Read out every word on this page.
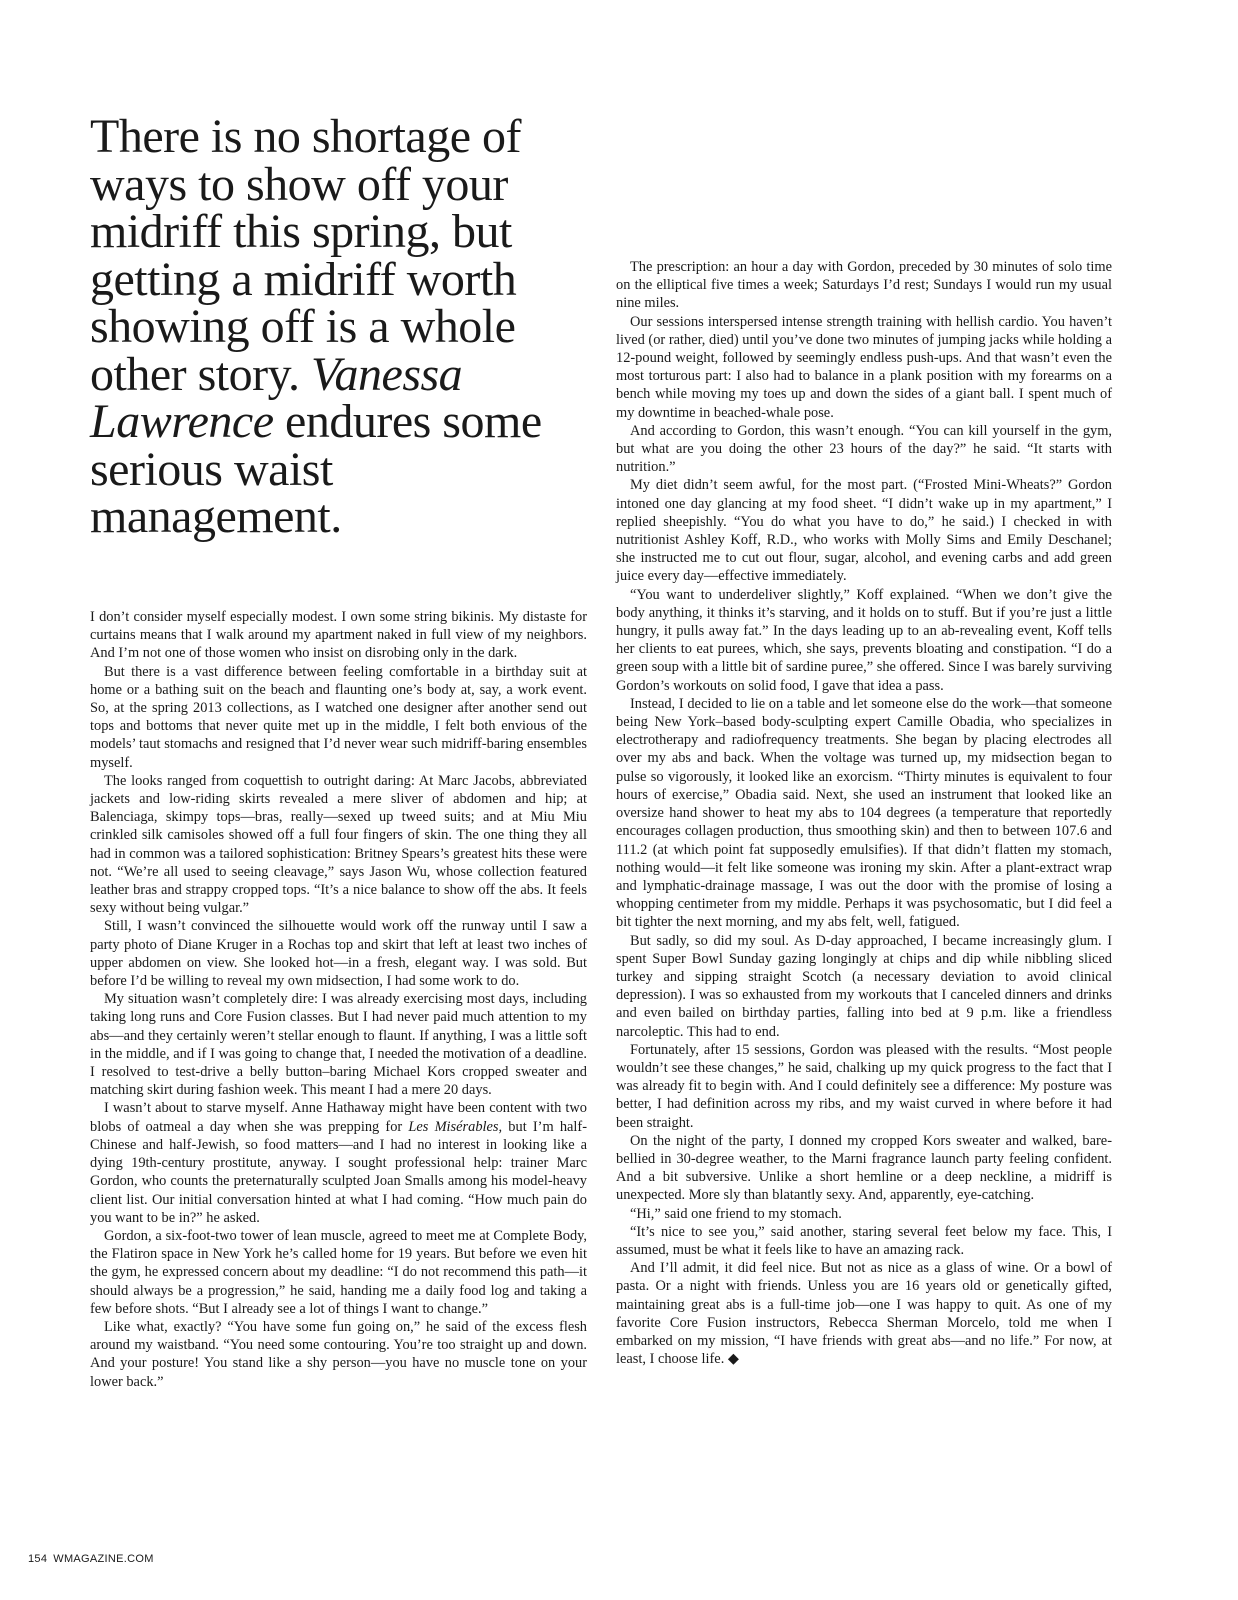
There is no shortage of ways to show off your midriff this spring, but getting a midriff worth showing off is a whole other story. Vanessa Lawrence endures some serious waist management.

I don’t consider myself especially modest. I own some string bikinis. My distaste for curtains means that I walk around my apartment naked in full view of my neighbors. And I’m not one of those women who insist on disrobing only in the dark.

But there is a vast difference between feeling comfortable in a birthday suit at home or a bathing suit on the beach and flaunting one’s body at, say, a work event. So, at the spring 2013 collections, as I watched one designer after another send out tops and bottoms that never quite met up in the middle, I felt both envious of the models’ taut stomachs and resigned that I’d never wear such midriff-baring ensembles myself.

The looks ranged from coquettish to outright daring: At Marc Jacobs, abbreviated jackets and low-riding skirts revealed a mere sliver of abdomen and hip; at Balenciaga, skimpy tops—bras, really—sexed up tweed suits; and at Miu Miu crinkled silk camisoles showed off a full four fingers of skin. The one thing they all had in common was a tailored sophistication: Britney Spears’s greatest hits these were not. “We’re all used to seeing cleavage,” says Jason Wu, whose collection featured leather bras and strappy cropped tops. “It’s a nice balance to show off the abs. It feels sexy without being vulgar.”

Still, I wasn’t convinced the silhouette would work off the runway until I saw a party photo of Diane Kruger in a Rochas top and skirt that left at least two inches of upper abdomen on view. She looked hot—in a fresh, elegant way. I was sold. But before I’d be willing to reveal my own midsection, I had some work to do.

My situation wasn’t completely dire: I was already exercising most days, including taking long runs and Core Fusion classes. But I had never paid much attention to my abs—and they certainly weren’t stellar enough to flaunt. If anything, I was a little soft in the middle, and if I was going to change that, I needed the motivation of a deadline. I resolved to test-drive a belly button–baring Michael Kors cropped sweater and matching skirt during fashion week. This meant I had a mere 20 days.

I wasn’t about to starve myself. Anne Hathaway might have been content with two blobs of oatmeal a day when she was prepping for Les Misérables, but I’m half-Chinese and half-Jewish, so food matters—and I had no interest in looking like a dying 19th-century prostitute, anyway. I sought professional help: trainer Marc Gordon, who counts the preternaturally sculpted Joan Smalls among his model-heavy client list. Our initial conversation hinted at what I had coming. “How much pain do you want to be in?” he asked.

Gordon, a six-foot-two tower of lean muscle, agreed to meet me at Complete Body, the Flatiron space in New York he’s called home for 19 years. But before we even hit the gym, he expressed concern about my deadline: “I do not recommend this path—it should always be a progression,” he said, handing me a daily food log and taking a few before shots. “But I already see a lot of things I want to change.”

Like what, exactly? “You have some fun going on,” he said of the excess flesh around my waistband. “You need some contouring. You’re too straight up and down. And your posture! You stand like a shy person—you have no muscle tone on your lower back.”

The prescription: an hour a day with Gordon, preceded by 30 minutes of solo time on the elliptical five times a week; Saturdays I’d rest; Sundays I would run my usual nine miles.

Our sessions interspersed intense strength training with hellish cardio. You haven’t lived (or rather, died) until you’ve done two minutes of jumping jacks while holding a 12-pound weight, followed by seemingly endless push-ups. And that wasn’t even the most torturous part: I also had to balance in a plank position with my forearms on a bench while moving my toes up and down the sides of a giant ball. I spent much of my downtime in beached-whale pose.

And according to Gordon, this wasn’t enough. “You can kill yourself in the gym, but what are you doing the other 23 hours of the day?” he said. “It starts with nutrition.”

My diet didn’t seem awful, for the most part. (“Frosted Mini-Wheats?” Gordon intoned one day glancing at my food sheet. “I didn’t wake up in my apartment,” I replied sheepishly. “You do what you have to do,” he said.) I checked in with nutritionist Ashley Koff, R.D., who works with Molly Sims and Emily Deschanel; she instructed me to cut out flour, sugar, alcohol, and evening carbs and add green juice every day—effective immediately.

“You want to underdeliver slightly,” Koff explained. “When we don’t give the body anything, it thinks it’s starving, and it holds on to stuff. But if you’re just a little hungry, it pulls away fat.” In the days leading up to an ab-revealing event, Koff tells her clients to eat purees, which, she says, prevents bloating and constipation. “I do a green soup with a little bit of sardine puree,” she offered. Since I was barely surviving Gordon’s workouts on solid food, I gave that idea a pass.

Instead, I decided to lie on a table and let someone else do the work—that someone being New York–based body-sculpting expert Camille Obadia, who specializes in electrotherapy and radiofrequency treatments. She began by placing electrodes all over my abs and back. When the voltage was turned up, my midsection began to pulse so vigorously, it looked like an exorcism. “Thirty minutes is equivalent to four hours of exercise,” Obadia said. Next, she used an instrument that looked like an oversize hand shower to heat my abs to 104 degrees (a temperature that reportedly encourages collagen production, thus smoothing skin) and then to between 107.6 and 111.2 (at which point fat supposedly emulsifies). If that didn’t flatten my stomach, nothing would—it felt like someone was ironing my skin. After a plant-extract wrap and lymphatic-drainage massage, I was out the door with the promise of losing a whopping centimeter from my middle. Perhaps it was psychosomatic, but I did feel a bit tighter the next morning, and my abs felt, well, fatigued.

But sadly, so did my soul. As D-day approached, I became increasingly glum. I spent Super Bowl Sunday gazing longingly at chips and dip while nibbling sliced turkey and sipping straight Scotch (a necessary deviation to avoid clinical depression). I was so exhausted from my workouts that I canceled dinners and drinks and even bailed on birthday parties, falling into bed at 9 p.m. like a friendless narcoleptic. This had to end.

Fortunately, after 15 sessions, Gordon was pleased with the results. “Most people wouldn’t see these changes,” he said, chalking up my quick progress to the fact that I was already fit to begin with. And I could definitely see a difference: My posture was better, I had definition across my ribs, and my waist curved in where before it had been straight.

On the night of the party, I donned my cropped Kors sweater and walked, bare-bellied in 30-degree weather, to the Marni fragrance launch party feeling confident. And a bit subversive. Unlike a short hemline or a deep neckline, a midriff is unexpected. More sly than blatantly sexy. And, apparently, eye-catching.

“Hi,” said one friend to my stomach.

“It’s nice to see you,” said another, staring several feet below my face. This, I assumed, must be what it feels like to have an amazing rack.

And I’ll admit, it did feel nice. But not as nice as a glass of wine. Or a bowl of pasta. Or a night with friends. Unless you are 16 years old or genetically gifted, maintaining great abs is a full-time job—one I was happy to quit. As one of my favorite Core Fusion instructors, Rebecca Sherman Morcelo, told me when I embarked on my mission, “I have friends with great abs—and no life.” For now, at least, I choose life. ◆

154 WMAGAZINE.COM
